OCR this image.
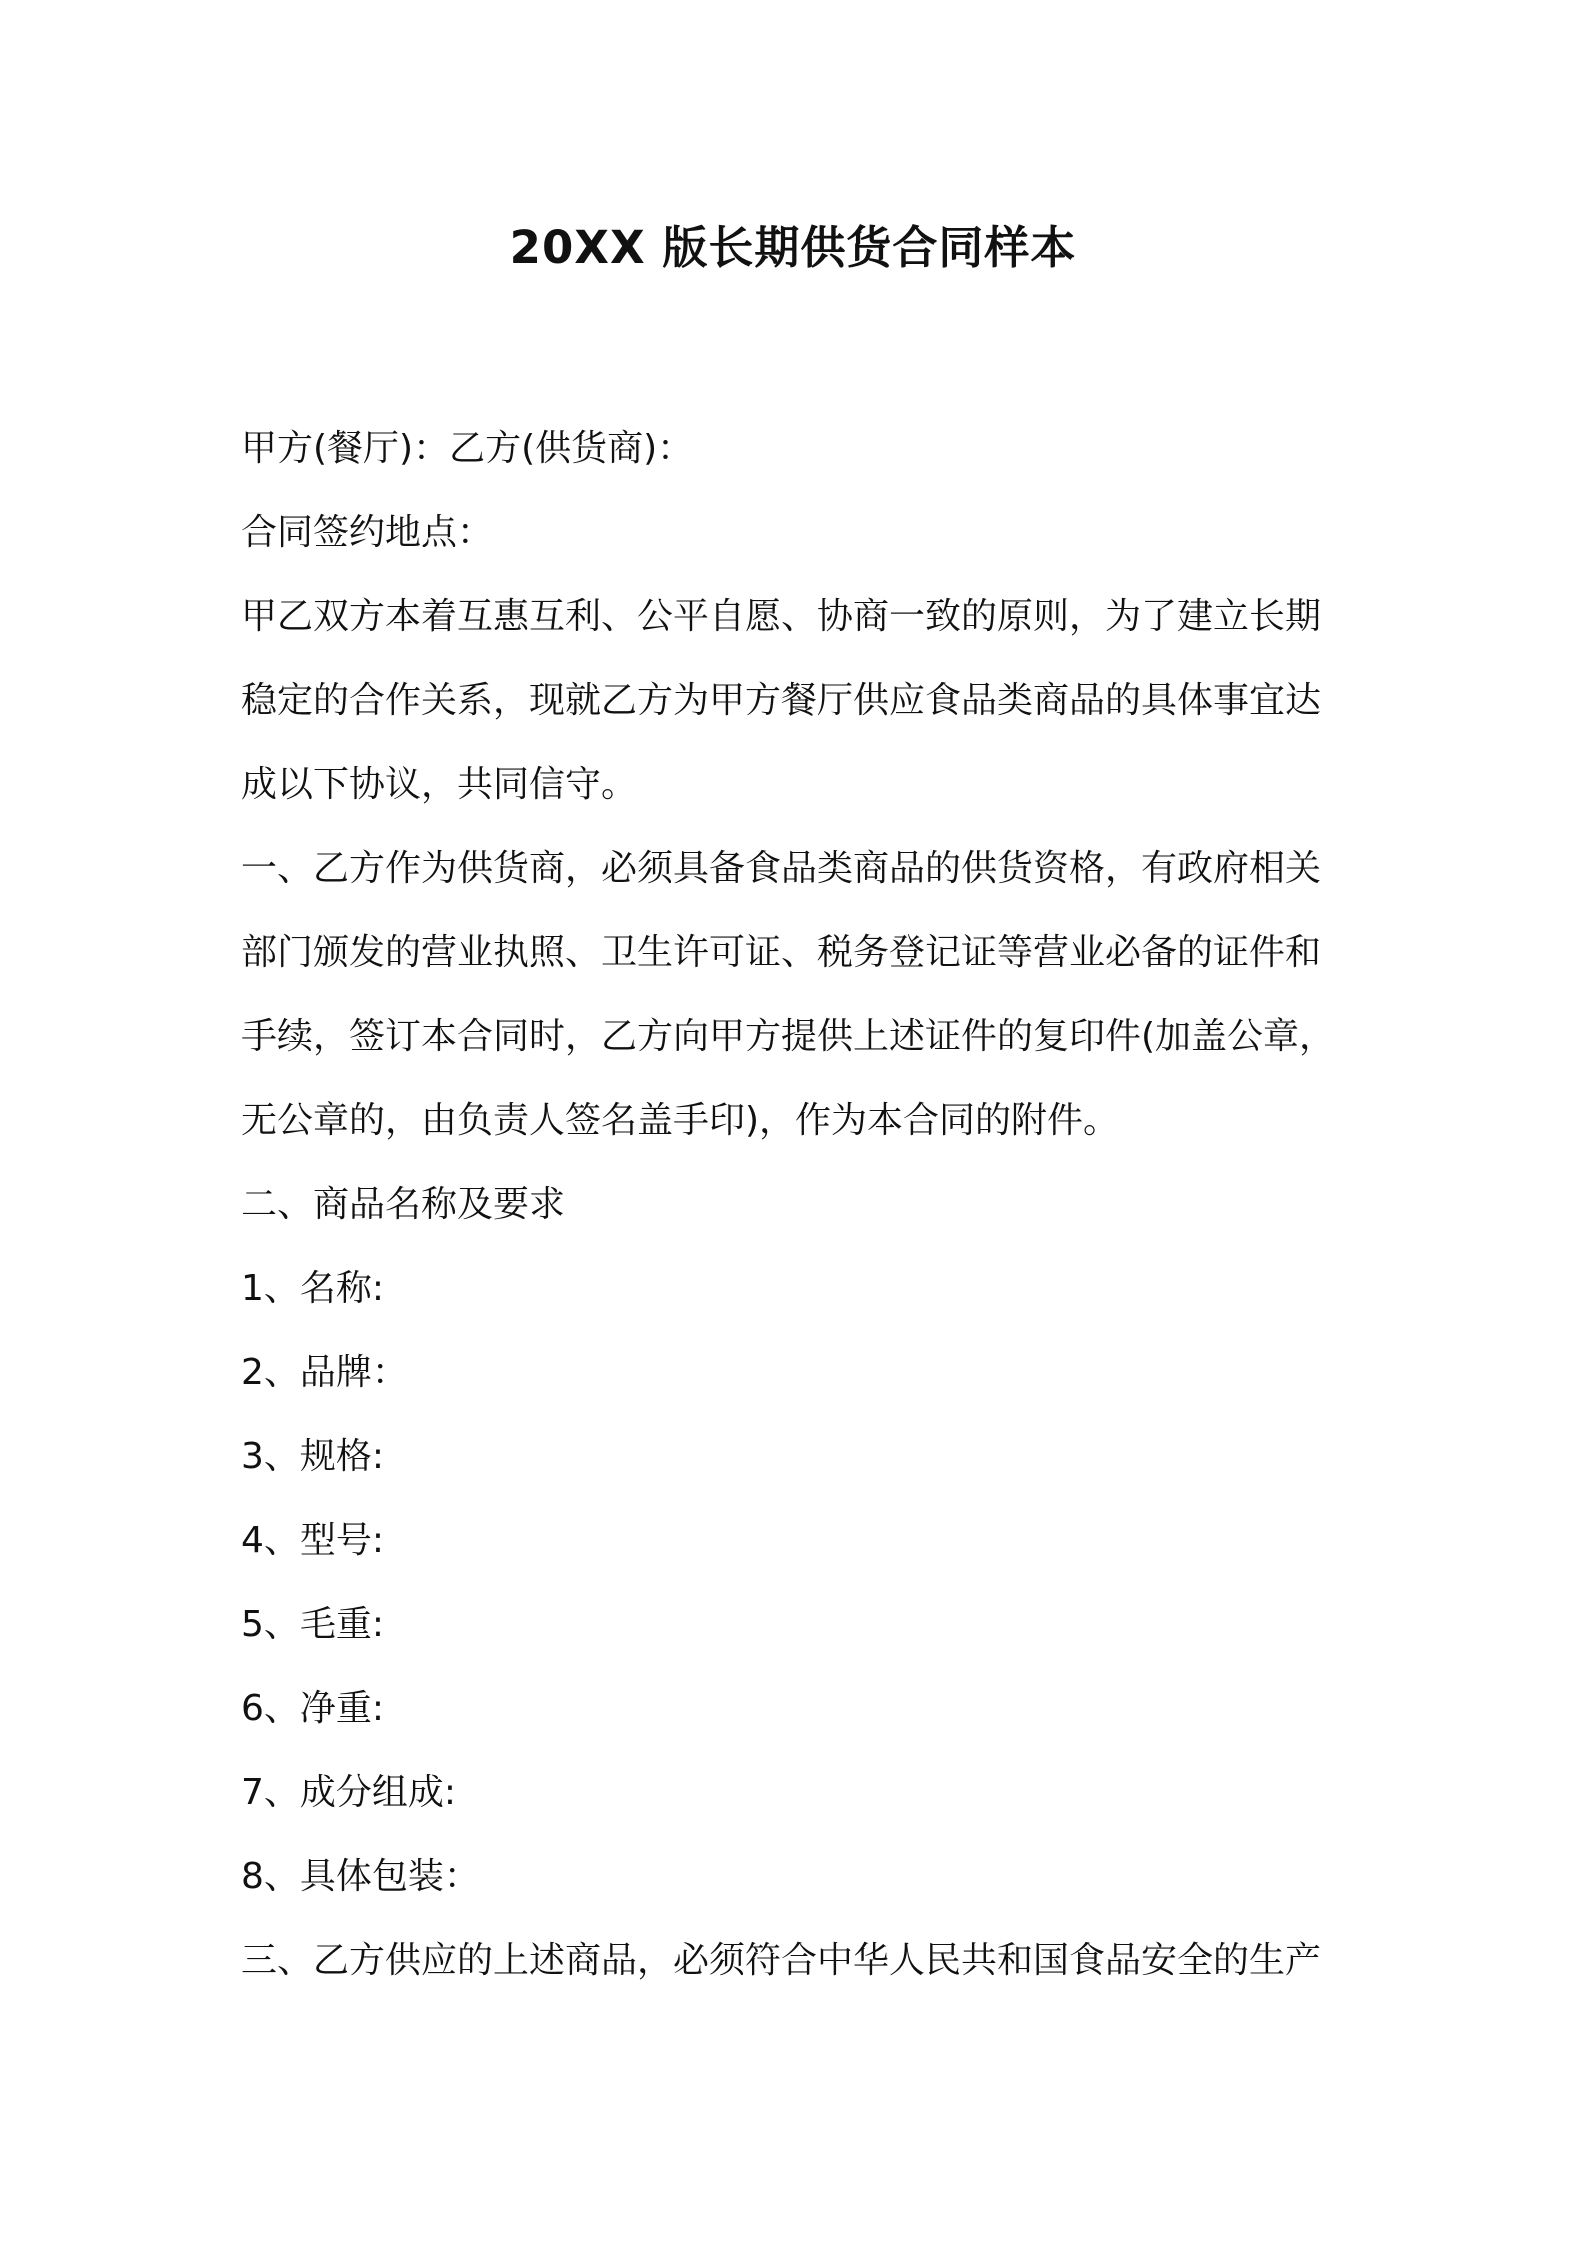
20XX 版长期供货合同样本

甲方(餐厅)：乙方(供货商)：

合同签约地点：

甲乙双方本着互惠互利、公平自愿、协商一致的原则，为了建立长期
稳定的合作关系，现就乙方为甲方餐厅供应食品类商品的具体事宜达
成以下协议，共同信守。

一、乙方作为供货商，必须具备食品类商品的供货资格，有政府相关
部门颁发的营业执照、卫生许可证、税务登记证等营业必备的证件和
手续，签订本合同时，乙方向甲方提供上述证件的复印件(加盖公章，
无公章的，由负责人签名盖手印)，作为本合同的附件。

二、商品名称及要求

1、名称:
2、品牌：
3、规格:
4、型号:
5、毛重:
6、净重:
7、成分组成:
8、具体包装：

三、乙方供应的上述商品，必须符合中华人民共和国食品安全的生产
